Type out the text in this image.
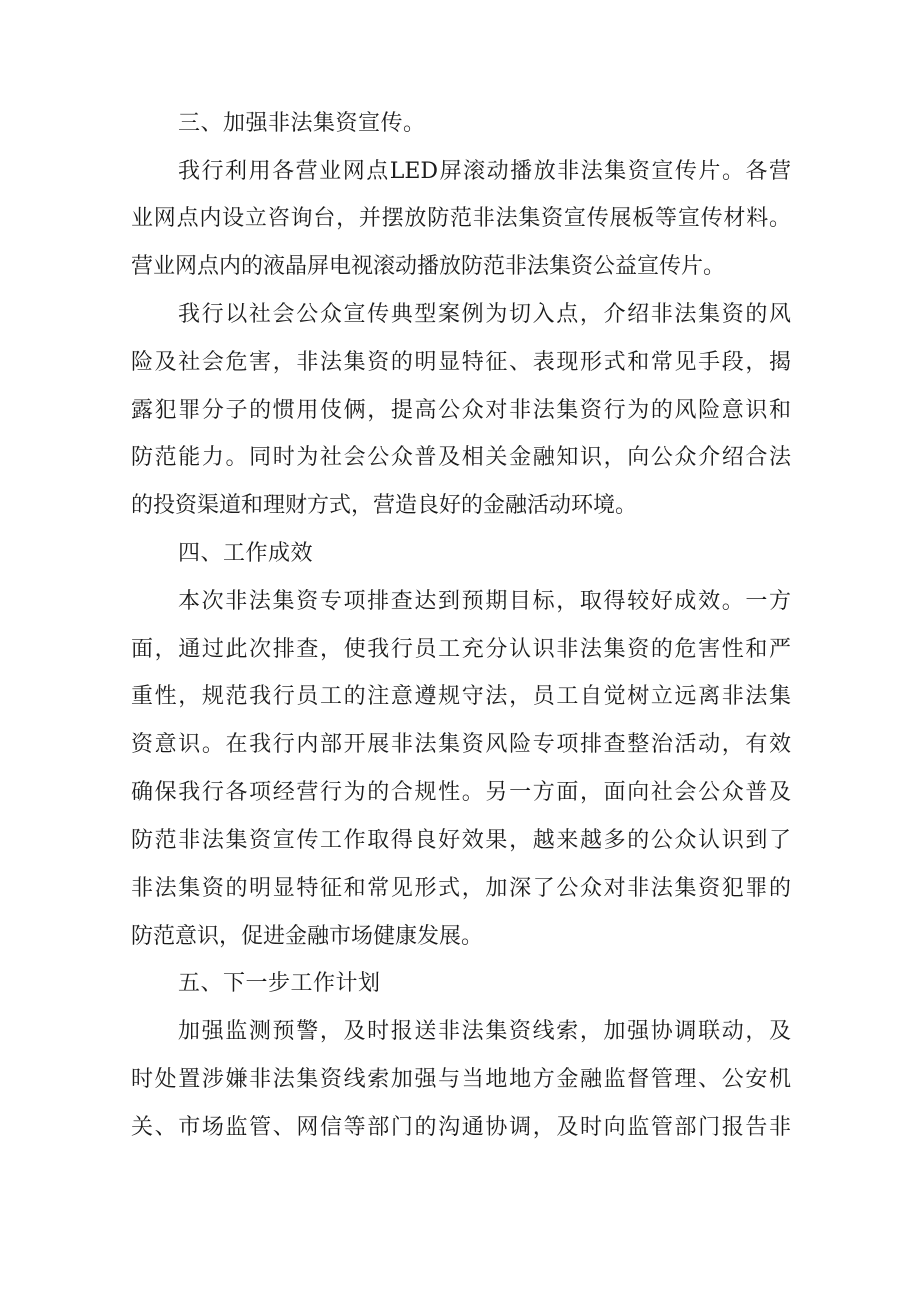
三、加强非法集资宣传。
我行利用各营业网点LED屏滚动播放非法集资宣传片。各营
业网点内设立咨询台，并摆放防范非法集资宣传展板等宣传材料。
营业网点内的液晶屏电视滚动播放防范非法集资公益宣传片。
我行以社会公众宣传典型案例为切入点，介绍非法集资的风
险及社会危害，非法集资的明显特征、表现形式和常见手段，揭
露犯罪分子的惯用伎俩，提高公众对非法集资行为的风险意识和
防范能力。同时为社会公众普及相关金融知识，向公众介绍合法
的投资渠道和理财方式，营造良好的金融活动环境。
四、工作成效
本次非法集资专项排查达到预期目标，取得较好成效。一方
面，通过此次排查，使我行员工充分认识非法集资的危害性和严
重性，规范我行员工的注意遵规守法，员工自觉树立远离非法集
资意识。在我行内部开展非法集资风险专项排查整治活动，有效
确保我行各项经营行为的合规性。另一方面，面向社会公众普及
防范非法集资宣传工作取得良好效果，越来越多的公众认识到了
非法集资的明显特征和常见形式，加深了公众对非法集资犯罪的
防范意识，促进金融市场健康发展。
五、下一步工作计划
加强监测预警，及时报送非法集资线索，加强协调联动，及
时处置涉嫌非法集资线索加强与当地地方金融监督管理、公安机
关、市场监管、网信等部门的沟通协调，及时向监管部门报告非
